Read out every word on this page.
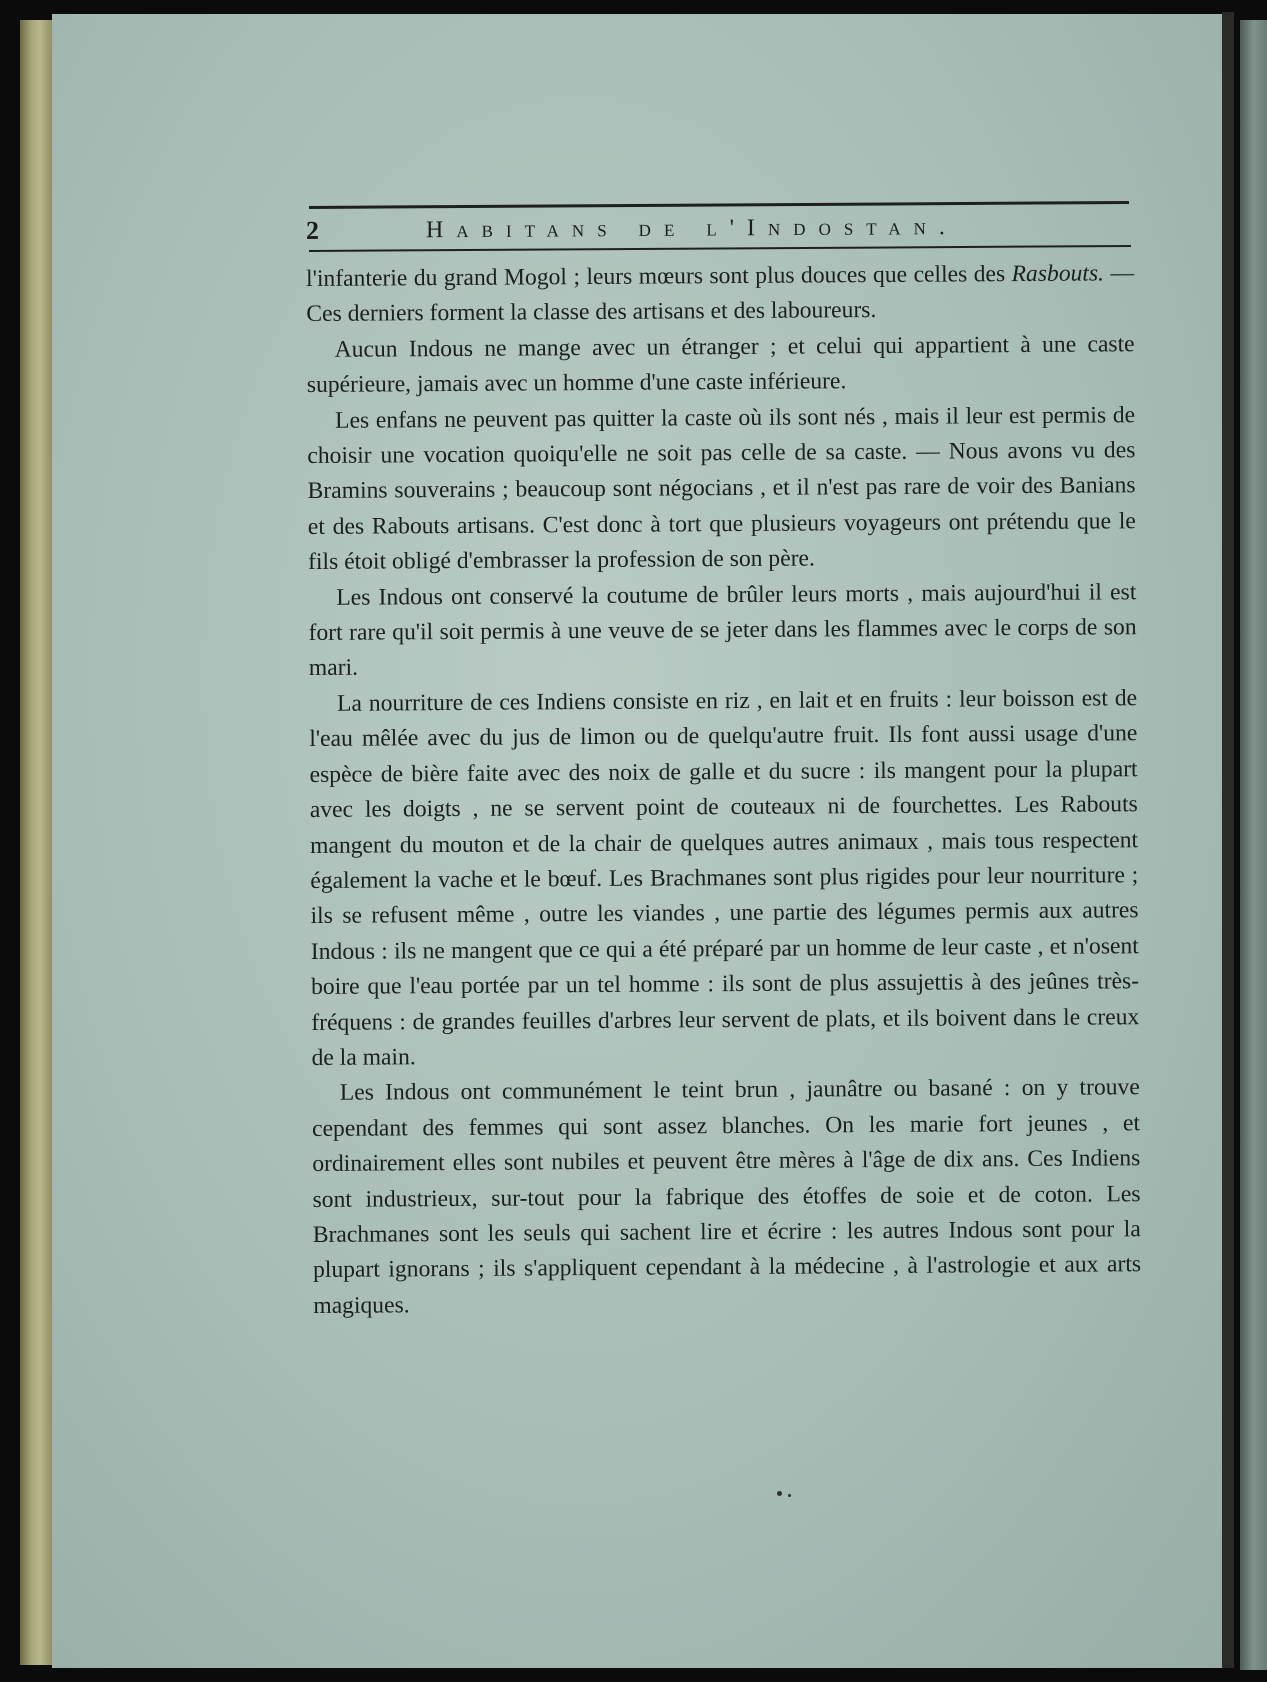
2	Habitans de l'Indostan.

l'infanterie du grand Mogol ; leurs mœurs sont plus douces que celles des Rasbouts. — Ces derniers forment la classe des artisans et des laboureurs.

Aucun Indous ne mange avec un étranger ; et celui qui appartient à une caste supérieure, jamais avec un homme d'une caste inférieure.

Les enfans ne peuvent pas quitter la caste où ils sont nés , mais il leur est permis de choisir une vocation quoiqu'elle ne soit pas celle de sa caste. — Nous avons vu des Bramins souverains ; beaucoup sont négocians , et il n'est pas rare de voir des Banians et des Rabouts artisans. C'est donc à tort que plusieurs voyageurs ont prétendu que le fils étoit obligé d'embrasser la profession de son père.

Les Indous ont conservé la coutume de brûler leurs morts , mais aujourd'hui il est fort rare qu'il soit permis à une veuve de se jeter dans les flammes avec le corps de son mari.

La nourriture de ces Indiens consiste en riz , en lait et en fruits : leur boisson est de l'eau mêlée avec du jus de limon ou de quelqu'autre fruit. Ils font aussi usage d'une espèce de bière faite avec des noix de galle et du sucre : ils mangent pour la plupart avec les doigts , ne se servent point de couteaux ni de fourchettes. Les Rabouts mangent du mouton et de la chair de quelques autres animaux , mais tous respectent également la vache et le bœuf. Les Brachmanes sont plus rigides pour leur nourriture ; ils se refusent même , outre les viandes , une partie des légumes permis aux autres Indous : ils ne mangent que ce qui a été préparé par un homme de leur caste , et n'osent boire que l'eau portée par un tel homme : ils sont de plus assujettis à des jeûnes très-fréquens : de grandes feuilles d'arbres leur servent de plats, et ils boivent dans le creux de la main.

Les Indous ont communément le teint brun , jaunâtre ou basané : on y trouve cependant des femmes qui sont assez blanches. On les marie fort jeunes , et ordinairement elles sont nubiles et peuvent être mères à l'âge de dix ans. Ces Indiens sont industrieux, sur-tout pour la fabrique des étoffes de soie et de coton. Les Brachmanes sont les seuls qui sachent lire et écrire : les autres Indous sont pour la plupart ignorans ; ils s'appliquent cependant à la médecine , à l'astrologie et aux arts magiques.
